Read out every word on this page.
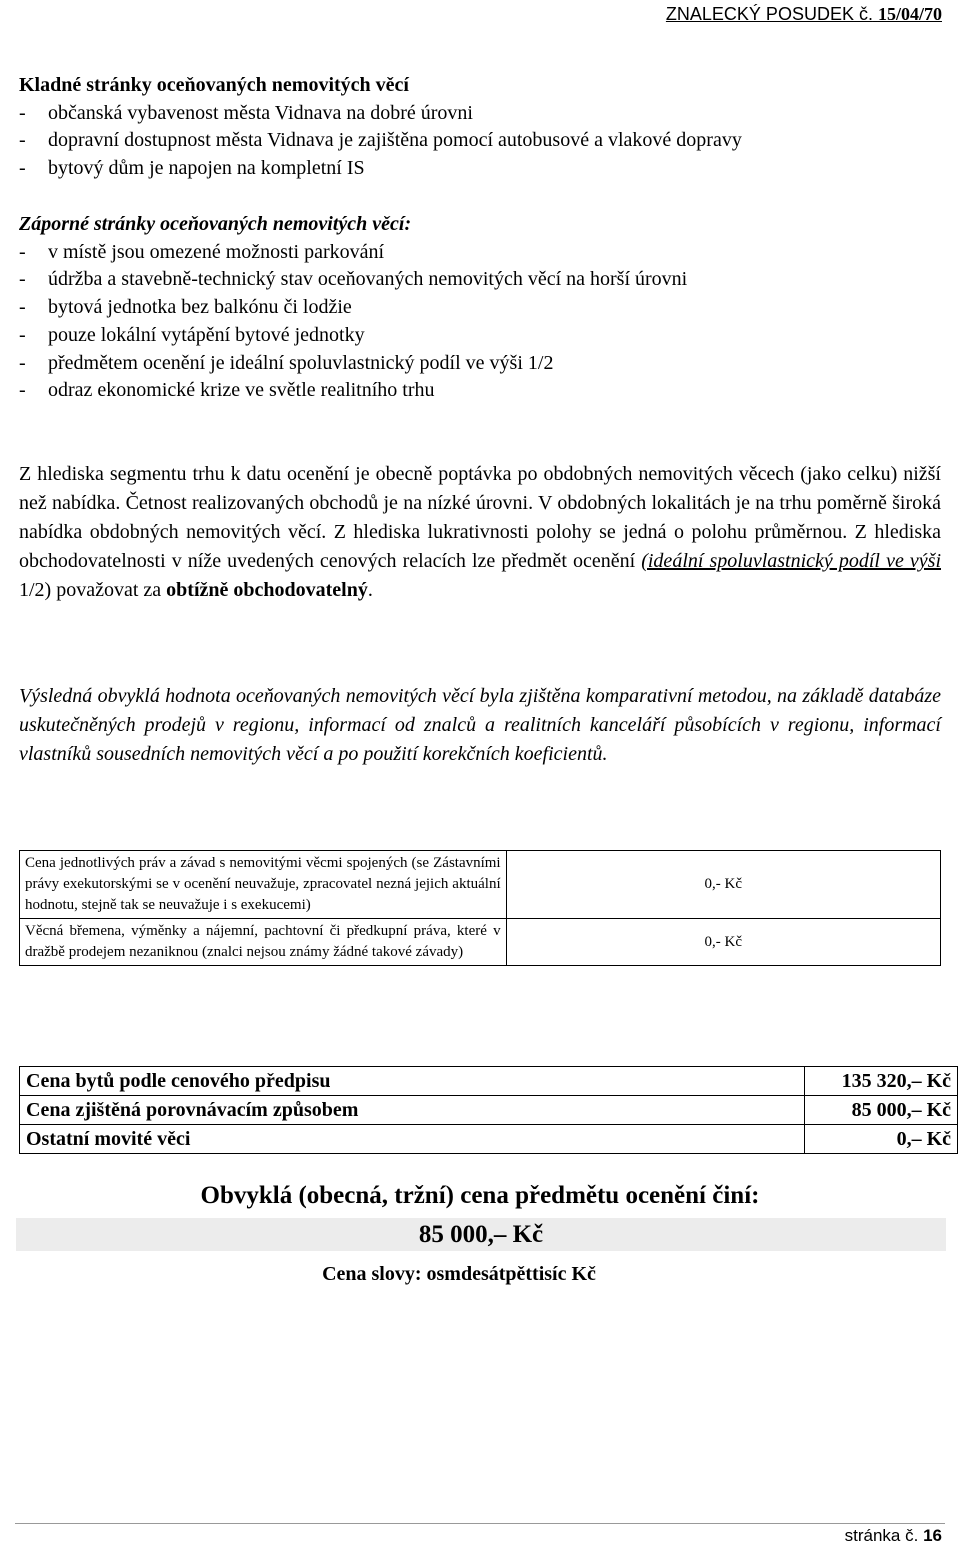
ZNALECKÝ POSUDEK č. 15/04/70
Kladné stránky oceňovaných nemovitých věcí
- občanská vybavenost města Vidnava na dobré úrovni
- dopravní dostupnost města Vidnava je zajištěna pomocí autobusové a vlakové dopravy
- bytový dům je napojen na kompletní IS
Záporné stránky oceňovaných nemovitých věcí:
- v místě jsou omezené možnosti parkování
- údržba a stavebně-technický stav oceňovaných nemovitých věcí na horší úrovni
- bytová jednotka bez balkónu či lodžie
- pouze lokální vytápění bytové jednotky
- předmětem ocenění je ideální spoluvlastnický podíl ve výši 1/2
- odraz ekonomické krize ve světle realitního trhu
Z hlediska segmentu trhu k datu ocenění je obecně poptávka po obdobných nemovitých věcech (jako celku) nižší než nabídka. Četnost realizovaných obchodů je na nízké úrovni. V obdobných lokalitách je na trhu poměrně široká nabídka obdobných nemovitých věcí. Z hlediska lukrativnosti polohy se jedná o polohu průměrnou. Z hlediska obchodovatelnosti v níže uvedených cenových relacích lze předmět ocenění (ideální spoluvlastnický podíl ve výši 1/2) považovat za obtížně obchodovatelný.
Výsledná obvyklá hodnota oceňovaných nemovitých věcí byla zjištěna komparativní metodou, na základě databáze uskutečněných prodejů v regionu, informací od znalců a realitních kanceláří působících v regionu, informací vlastníků sousedních nemovitých věcí a po použití korekčních koeficientů.
Cena jednotlivých práv a závad s nemovitými věcmi spojených (se Zástavními právy exekutorskými se v ocenění neuvažuje, zpracovatel nezná jejich aktuální hodnotu, stejně tak se neuvažuje i s exekucemi)	0,- Kč
Věcná břemena, výměnky a nájemní, pachtovní či předkupní práva, které v dražbě prodejem nezaniknou (znalci nejsou známy žádné takové závady)	0,- Kč
Cena bytů podle cenového předpisu	135 320,– Kč
Cena zjištěná porovnávacím způsobem	85 000,– Kč
Ostatní movité věci	0,– Kč
Obvyklá (obecná, tržní) cena předmětu ocenění činí:
85 000,– Kč
Cena slovy: osmdesátpěttisíc Kč
stránka č. 16
